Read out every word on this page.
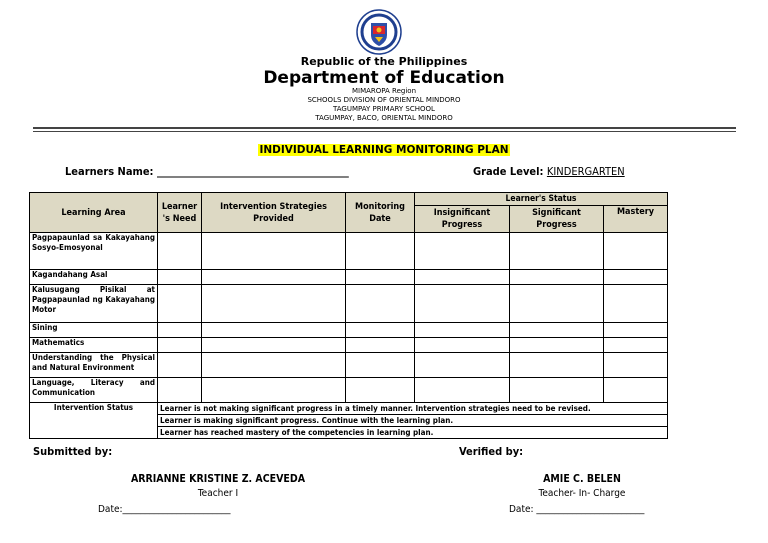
Republic of the Philippines
Department of Education
MIMAROPA Region
SCHOOLS DIVISION OF ORIENTAL MINDORO
TAGUMPAY PRIMARY SCHOOL
TAGUMPAY, BACO, ORIENTAL MINDORO
INDIVIDUAL LEARNING MONITORING PLAN
Learners Name: ____________________________________________	Grade Level: KINDERGARTEN
Learning Area	Learner 's Need	Intervention Strategies Provided	Monitoring Date	Learner's Status		
				Insignificant Progress	Significant Progress	Mastery
Pagpapaunlad sa Kakayahang Sosyo-Emosyonal						
Kagandahang Asal						
Kalusugang Pisikal at Pagpapaunlad ng Kakayahang Motor						
Sining						
Mathematics						
Understanding the Physical and Natural Environment						
Language, Literacy and Communication						
Intervention Status	Learner is not making significant progress in a timely manner. Intervention strategies need to be revised.					
	Learner is making significant progress. Continue with the learning plan.					
	Learner has reached mastery of the competencies in learning plan.					
Submitted by:	Verified by:
ARRIANNE KRISTINE Z. ACEVEDA
Teacher I
Date:________________________
AMIE C. BELEN
Teacher- In- Charge
Date: ________________________
